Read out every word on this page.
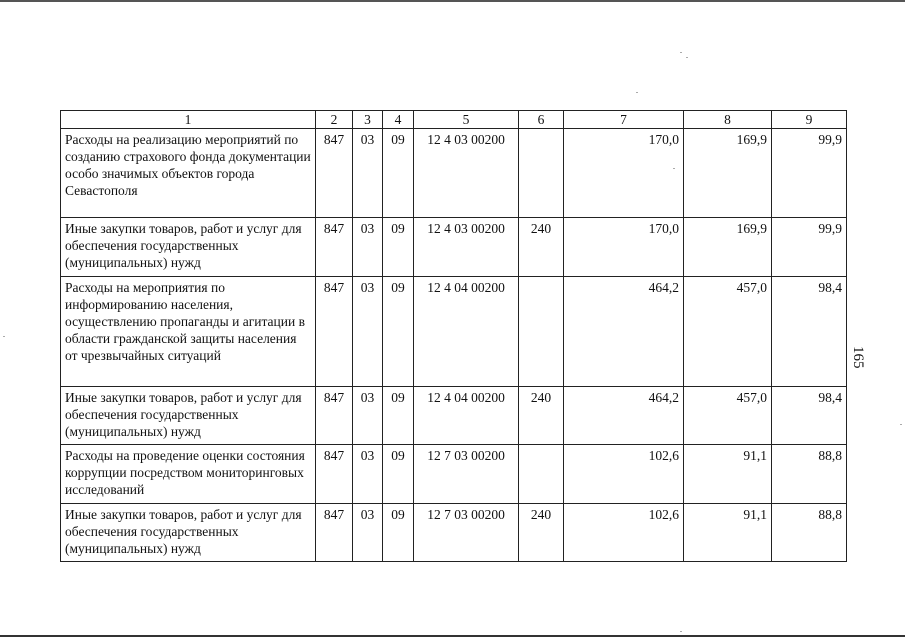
1	2	3	4	5	6	7	8	9
Расходы на реализацию мероприятий по созданию страхового фонда документации особо значимых объектов города Севастополя	847	03	09	12 4 03 00200		170,0	169,9	99,9
Иные закупки товаров, работ и услуг для обеспечения государственных (муниципальных) нужд	847	03	09	12 4 03 00200	240	170,0	169,9	99,9
Расходы на мероприятия по информированию населения, осуществлению пропаганды и агитации в области гражданской защиты населения от чрезвычайных ситуаций	847	03	09	12 4 04 00200		464,2	457,0	98,4
Иные закупки товаров, работ и услуг для обеспечения государственных (муниципальных) нужд	847	03	09	12 4 04 00200	240	464,2	457,0	98,4
Расходы на проведение оценки состояния коррупции посредством мониторинговых исследований	847	03	09	12 7 03 00200		102,6	91,1	88,8
Иные закупки товаров, работ и услуг для обеспечения государственных (муниципальных) нужд	847	03	09	12 7 03 00200	240	102,6	91,1	88,8
165
